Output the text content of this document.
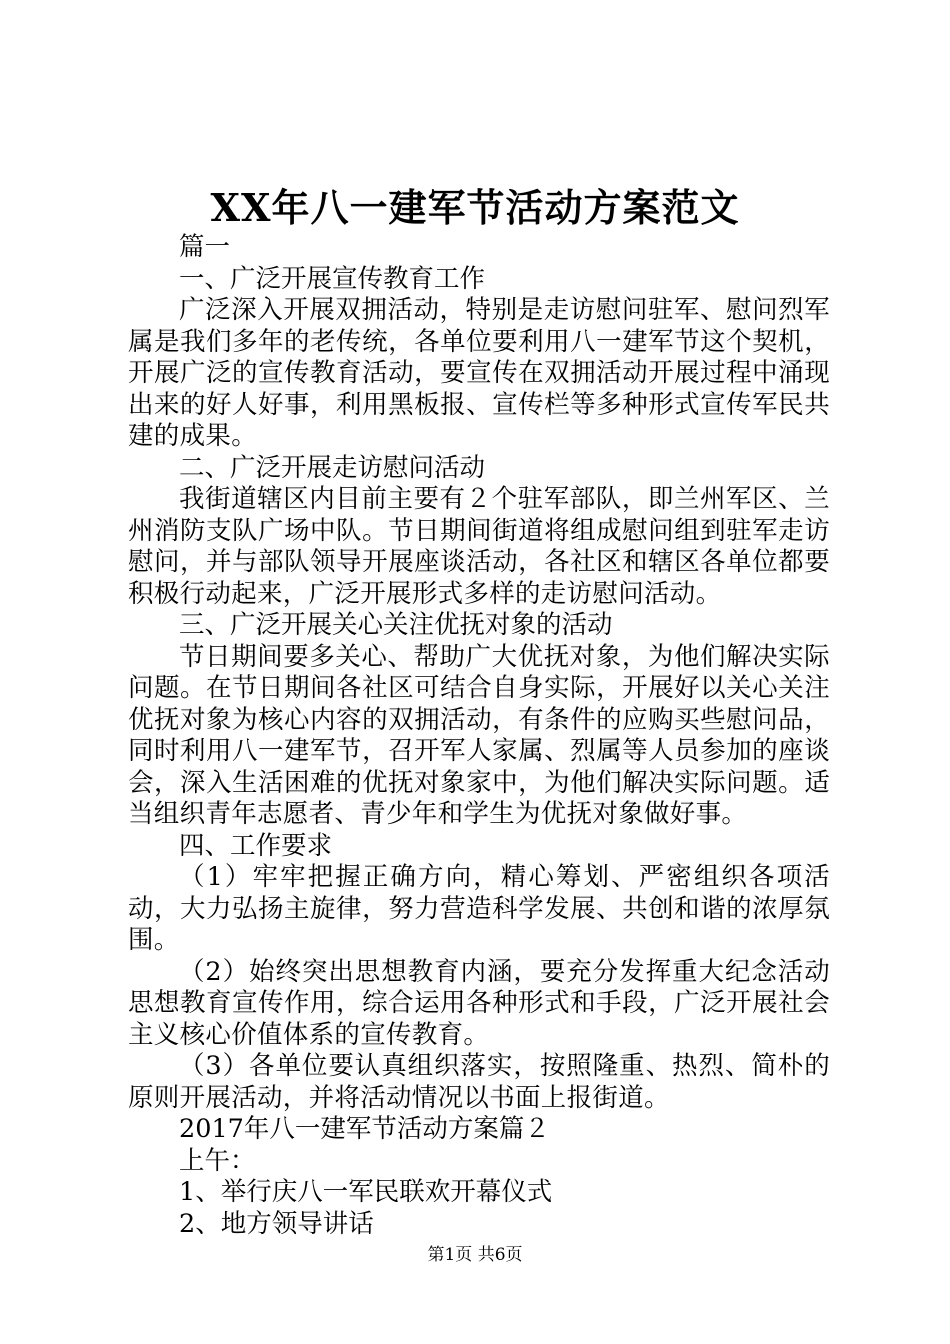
XX年八一建军节活动方案范文

篇一

一、广泛开展宣传教育工作

广泛深入开展双拥活动，特别是走访慰问驻军、慰问烈军属是我们多年的老传统，各单位要利用八一建军节这个契机，开展广泛的宣传教育活动，要宣传在双拥活动开展过程中涌现出来的好人好事，利用黑板报、宣传栏等多种形式宣传军民共建的成果。

二、广泛开展走访慰问活动

我街道辖区内目前主要有２个驻军部队，即兰州军区、兰州消防支队广场中队。节日期间街道将组成慰问组到驻军走访慰问，并与部队领导开展座谈活动，各社区和辖区各单位都要积极行动起来，广泛开展形式多样的走访慰问活动。

三、广泛开展关心关注优抚对象的活动

节日期间要多关心、帮助广大优抚对象，为他们解决实际问题。在节日期间各社区可结合自身实际，开展好以关心关注优抚对象为核心内容的双拥活动，有条件的应购买些慰问品，同时利用八一建军节，召开军人家属、烈属等人员参加的座谈会，深入生活困难的优抚对象家中，为他们解决实际问题。适当组织青年志愿者、青少年和学生为优抚对象做好事。

四、工作要求

（1）牢牢把握正确方向，精心筹划、严密组织各项活动，大力弘扬主旋律，努力营造科学发展、共创和谐的浓厚氛围。

（2）始终突出思想教育内涵，要充分发挥重大纪念活动思想教育宣传作用，综合运用各种形式和手段，广泛开展社会主义核心价值体系的宣传教育。

（3）各单位要认真组织落实，按照隆重、热烈、简朴的原则开展活动，并将活动情况以书面上报街道。

2017年八一建军节活动方案篇２

上午：

1、举行庆八一军民联欢开幕仪式

2、地方领导讲话

第1页 共6页
